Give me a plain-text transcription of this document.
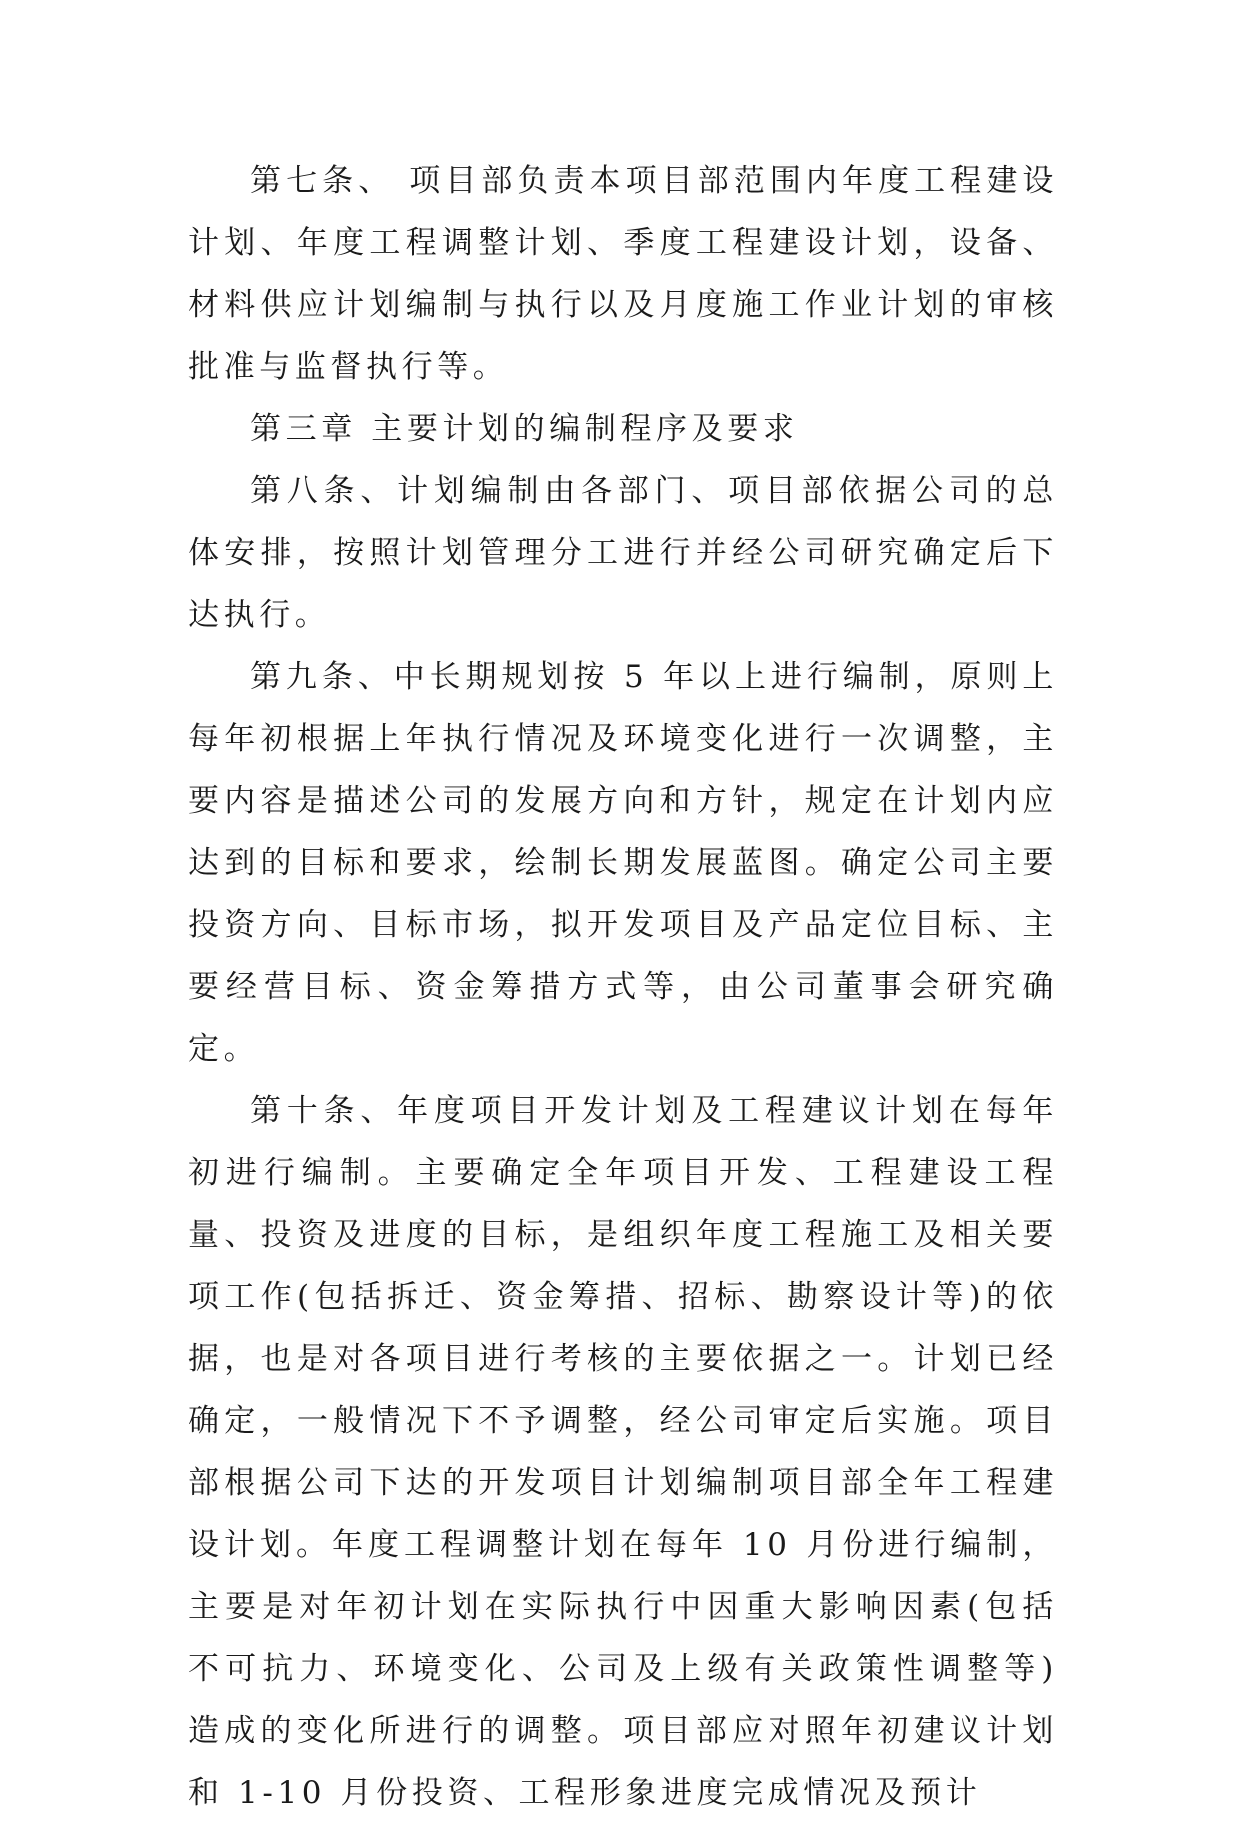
第七条、 项目部负责本项目部范围内年度工程建设计划、年度工程调整计划、季度工程建设计划，设备、材料供应计划编制与执行以及月度施工作业计划的审核批准与监督执行等。

第三章 主要计划的编制程序及要求

第八条、计划编制由各部门、项目部依据公司的总体安排，按照计划管理分工进行并经公司研究确定后下达执行。

第九条、中长期规划按 5 年以上进行编制，原则上每年初根据上年执行情况及环境变化进行一次调整，主要内容是描述公司的发展方向和方针，规定在计划内应达到的目标和要求，绘制长期发展蓝图。确定公司主要投资方向、目标市场，拟开发项目及产品定位目标、主要经营目标、资金筹措方式等，由公司董事会研究确定。

第十条、年度项目开发计划及工程建议计划在每年初进行编制。主要确定全年项目开发、工程建设工程量、投资及进度的目标，是组织年度工程施工及相关要项工作(包括拆迁、资金筹措、招标、勘察设计等)的依据，也是对各项目进行考核的主要依据之一。计划已经确定，一般情况下不予调整，经公司审定后实施。项目部根据公司下达的开发项目计划编制项目部全年工程建设计划。年度工程调整计划在每年 10 月份进行编制，主要是对年初计划在实际执行中因重大影响因素(包括不可抗力、环境变化、公司及上级有关政策性调整等)造成的变化所进行的调整。项目部应对照年初建议计划和 1-10 月份投资、工程形象进度完成情况及预计
